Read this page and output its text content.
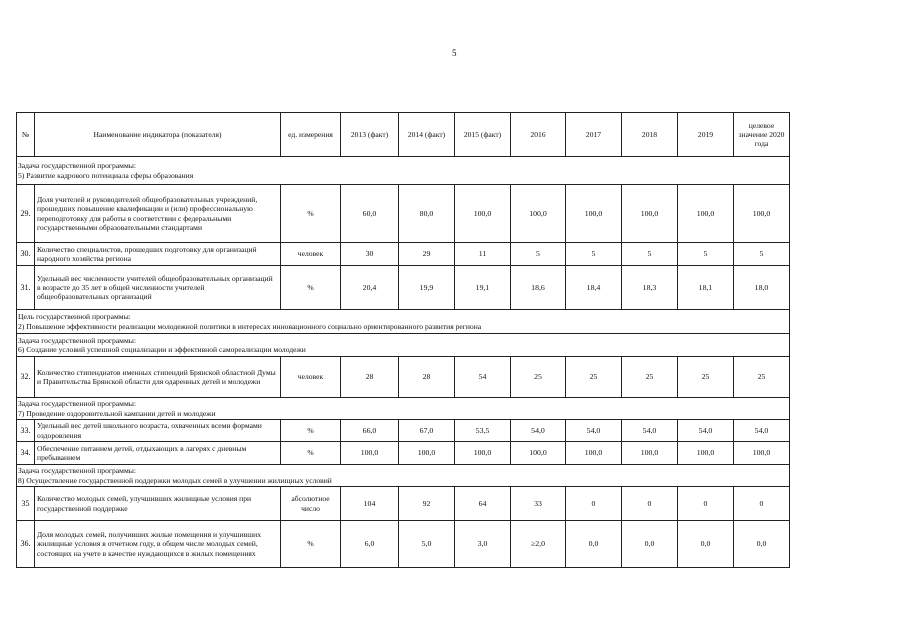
5
№	Наименование индикатора (показателя)	ед. измерения	2013 (факт)	2014 (факт)	2015 (факт)	2016	2017	2018	2019	целевое значение 2020 года

Задача государственной программы:
5) Развитие кадрового потенциала сферы образования										

29.	Доля учителей и руководителей общеобразовательных учреждений, прошедших повышение квалификации и (или) профессиональную переподготовку для работы в соответствии с федеральными государственными образовательными стандартами	%	60,0	80,0	100,0	100,0	100,0	100,0	100,0	100,0
30.	Количество специалистов, прошедших подготовку для организаций народного хозяйства региона	человек	30	29	11	5	5	5	5	5
31.	Удельный вес численности учителей общеобразовательных организаций в возрасте до 35 лет в общей численности учителей общеобразовательных организаций	%	20,4	19,9	19,1	18,6	18,4	18,3	18,1	18,0

Цель государственной программы:
2) Повышение эффективности реализации молодежной политики в интересах инновационного социально ориентированного развития региона										

Задача государственной программы:
6) Создание условий успешной социализации и эффективной самореализации молодежи										

32.	Количество стипендиатов именных стипендий Брянской областной Думы и Правительства Брянской области для одаренных детей и молодежи	человек	28	28	54	25	25	25	25	25

Задача государственной программы:
7) Проведение оздоровительной кампании детей и молодежи										

33.	Удельный вес детей школьного возраста, охваченных всеми формами оздоровления	%	66,0	67,0	53,5	54,0	54,0	54,0	54,0	54,0
34.	Обеспечение питанием детей, отдыхающих в лагерях с дневным пребыванием	%	100,0	100,0	100,0	100,0	100,0	100,0	100,0	100,0

Задача государственной программы:
8) Осуществление государственной поддержки молодых семей в улучшении жилищных условий										

35	Количество молодых семей, улучшивших жилищные условия при государственной поддержке	абсолютное число	104	92	64	33	0	0	0	0
36.	Доля молодых семей, получивших жилые помещения и улучшивших жилищные условия в отчетном году, в общем числе молодых семей, состоящих на учете в качестве нуждающихся в жилых помещениях	%	6,0	5,0	3,0	≥2,0	0,0	0,0	0,0	0,0
